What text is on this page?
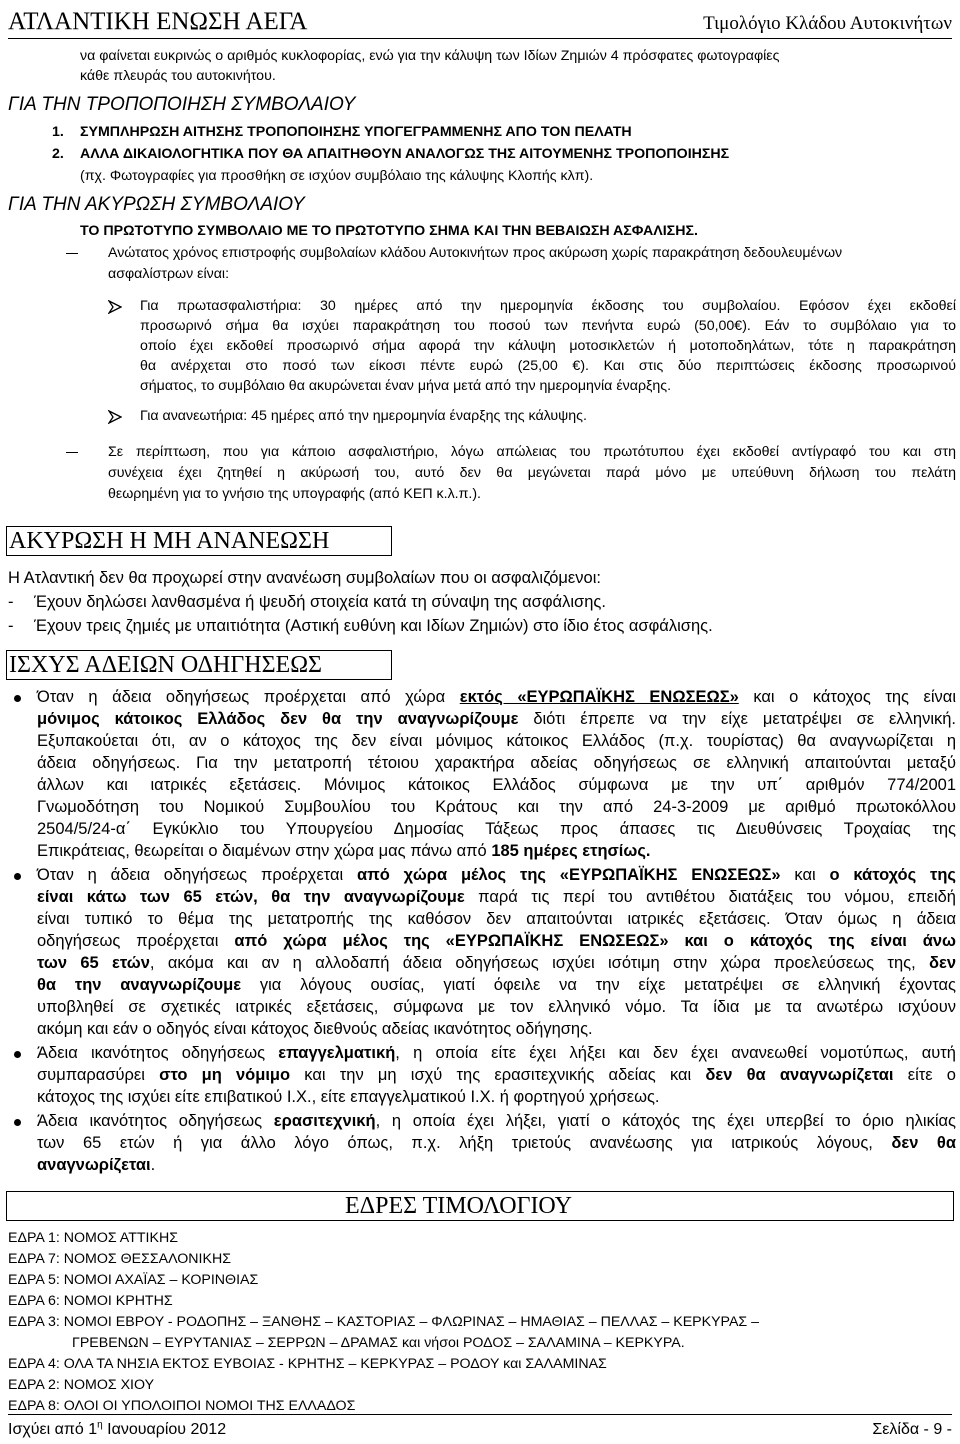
ΑΤΛΑΝΤΙΚΗ ΕΝΩΣΗ ΑΕΓΑ	Τιμολόγιο Κλάδου Αυτοκινήτων
να φαίνεται ευκρινώς ο αριθμός κυκλοφορίας, ενώ για την κάλυψη των Ιδίων Ζημιών 4 πρόσφατες φωτογραφίες
κάθε πλευράς του αυτοκινήτου.
ΓΙΑ ΤΗΝ ΤΡΟΠΟΠΟΙΗΣΗ ΣΥΜΒΟΛΑΙΟΥ
1. ΣΥΜΠΛΗΡΩΣΗ ΑΙΤΗΣΗΣ ΤΡΟΠΟΠΟΙΗΣΗΣ ΥΠΟΓΕΓΡΑΜΜΕΝΗΣ ΑΠΟ ΤΟΝ ΠΕΛΑΤΗ
2. ΑΛΛΑ ΔΙΚΑΙΟΛΟΓΗΤΙΚΑ ΠΟΥ ΘΑ ΑΠΑΙΤΗΘΟΥΝ ΑΝΑΛΟΓΩΣ ΤΗΣ ΑΙΤΟΥΜΕΝΗΣ ΤΡΟΠΟΠΟΙΗΣΗΣ
(πχ. Φωτογραφίες για προσθήκη σε ισχύον συμβόλαιο της κάλυψης Κλοπής κλπ).
ΓΙΑ ΤΗΝ ΑΚΥΡΩΣΗ ΣΥΜΒΟΛΑΙΟΥ
ΤΟ ΠΡΩΤΟΤΥΠΟ ΣΥΜΒΟΛΑΙΟ ΜΕ ΤΟ ΠΡΩΤΟΤΥΠΟ ΣΗΜΑ ΚΑΙ ΤΗΝ ΒΕΒΑΙΩΣΗ ΑΣΦΑΛΙΣΗΣ.
Ανώτατος χρόνος επιστροφής συμβολαίων κλάδου Αυτοκινήτων προς ακύρωση χωρίς παρακράτηση δεδουλευμένων
ασφαλίστρων είναι:
Για πρωτασφαλιστήρια: 30 ημέρες από την ημερομηνία έκδοσης του συμβολαίου. Εφόσον έχει εκδοθεί
προσωρινό σήμα θα ισχύει παρακράτηση του ποσού των πενήντα ευρώ (50,00€). Εάν το συμβόλαιο για το
οποίο έχει εκδοθεί προσωρινό σήμα αφορά την κάλυψη μοτοσικλετών ή μοτοποδηλάτων, τότε η παρακράτηση
θα ανέρχεται στο ποσό των είκοσι πέντε ευρώ (25,00 €). Και στις δύο περιπτώσεις έκδοσης προσωρινού
σήματος, το συμβόλαιο θα ακυρώνεται έναν μήνα μετά από την ημερομηνία έναρξης.
Για ανανεωτήρια: 45 ημέρες από την ημερομηνία έναρξης της κάλυψης.
Σε περίπτωση, που για κάποιο ασφαλιστήριο, λόγω απώλειας του πρωτότυπου έχει εκδοθεί αντίγραφό του και στη
συνέχεια έχει ζητηθεί η ακύρωσή του, αυτό δεν θα μεγώνεται παρά μόνο με υπεύθυνη δήλωση του πελάτη
θεωρημένη για το γνήσιο της υπογραφής (από ΚΕΠ κ.λ.π.).
ΑΚΥΡΩΣΗ Η ΜΗ ΑΝΑΝΕΩΣΗ
Η Ατλαντική δεν θα προχωρεί στην ανανέωση συμβολαίων που οι ασφαλιζόμενοι:
- Έχουν δηλώσει λανθασμένα ή ψευδή στοιχεία κατά τη σύναψη της ασφάλισης.
- Έχουν τρεις ζημιές με υπαιτιότητα (Αστική ευθύνη και Ιδίων Ζημιών) στο ίδιο έτος ασφάλισης.
ΙΣΧΥΣ ΑΔΕΙΩΝ ΟΔΗΓΗΣΕΩΣ
Όταν η άδεια οδηγήσεως προέρχεται από χώρα εκτός «ΕΥΡΩΠΑΪΚΗΣ ΕΝΩΣΕΩΣ» και ο κάτοχος της είναι
μόνιμος κάτοικος Ελλάδος δεν θα την αναγνωρίζουμε διότι έπρεπε να την είχε μετατρέψει σε ελληνική.
Εξυπακούεται ότι, αν ο κάτοχος της δεν είναι μόνιμος κάτοικος Ελλάδος (π.χ. τουρίστας) θα αναγνωρίζεται η
άδεια οδηγήσεως. Για την μετατροπή τέτοιου χαρακτήρα αδείας οδηγήσεως σε ελληνική απαιτούνται μεταξύ
άλλων και ιατρικές εξετάσεις. Μόνιμος κάτοικος Ελλάδος σύμφωνα με την υπ΄ αριθμόν 774/2001
Γνωμοδότηση του Νομικού Συμβουλίου του Κράτους και την από 24-3-2009 με αριθμό πρωτοκόλλου
2504/5/24-α΄ Εγκύκλιο του Υπουργείου Δημοσίας Τάξεως προς άπασες τις Διευθύνσεις Τροχαίας της
Επικράτειας, θεωρείται ο διαμένων στην χώρα μας πάνω από 185 ημέρες ετησίως.
Όταν η άδεια οδηγήσεως προέρχεται από χώρα μέλος της «ΕΥΡΩΠΑΪΚΗΣ ΕΝΩΣΕΩΣ» και ο κάτοχός της
είναι κάτω των 65 ετών, θα την αναγνωρίζουμε παρά τις περί του αντιθέτου διατάξεις του νόμου, επειδή
είναι τυπικό το θέμα της μετατροπής της καθόσον δεν απαιτούνται ιατρικές εξετάσεις. Όταν όμως η άδεια
οδηγήσεως προέρχεται από χώρα μέλος της «ΕΥΡΩΠΑΪΚΗΣ ΕΝΩΣΕΩΣ» και ο κάτοχός της είναι άνω
των 65 ετών, ακόμα και αν η αλλοδαπή άδεια οδηγήσεως ισχύει ισότιμη στην χώρα προελεύσεως της, δεν
θα την αναγνωρίζουμε για λόγους ουσίας, γιατί όφειλε να την είχε μετατρέψει σε ελληνική έχοντας
υποβληθεί σε σχετικές ιατρικές εξετάσεις, σύμφωνα με τον ελληνικό νόμο. Τα ίδια με τα ανωτέρω ισχύουν
ακόμη και εάν ο οδηγός είναι κάτοχος διεθνούς αδείας ικανότητος οδήγησης.
Άδεια ικανότητος οδηγήσεως επαγγελματική, η οποία είτε έχει λήξει και δεν έχει ανανεωθεί νομοτύπως, αυτή
συμπαρασύρει στο μη νόμιμο και την μη ισχύ της ερασιτεχνικής αδείας και δεν θα αναγνωρίζεται είτε ο
κάτοχος της ισχύει είτε επιβατικού Ι.Χ., είτε επαγγελματικού Ι.Χ. ή φορτηγού χρήσεως.
Άδεια ικανότητος οδηγήσεως ερασιτεχνική, η οποία έχει λήξει, γιατί ο κάτοχός της έχει υπερβεί το όριο ηλικίας
των 65 ετών ή για άλλο λόγο όπως, π.χ. λήξη τριετούς ανανέωσης για ιατρικούς λόγους, δεν θα
αναγνωρίζεται.
ΕΔΡΕΣ ΤΙΜΟΛΟΓΙΟΥ
ΕΔΡΑ 1: ΝΟΜΟΣ ΑΤΤΙΚΗΣ
ΕΔΡΑ 7: ΝΟΜΟΣ ΘΕΣΣΑΛΟΝΙΚΗΣ
ΕΔΡΑ 5: ΝΟΜΟΙ ΑΧΑΪΑΣ – ΚΟΡΙΝΘΙΑΣ
ΕΔΡΑ 6: ΝΟΜΟΙ ΚΡΗΤΗΣ
ΕΔΡΑ 3: ΝΟΜΟΙ ΕΒΡΟΥ - ΡΟΔΟΠΗΣ – ΞΑΝΘΗΣ – ΚΑΣΤΟΡΙΑΣ – ΦΛΩΡΙΝΑΣ – ΗΜΑΘΙΑΣ – ΠΕΛΛΑΣ – ΚΕΡΚΥΡΑΣ –
ΓΡΕΒΕΝΩΝ – ΕΥΡΥΤΑΝΙΑΣ – ΣΕΡΡΩΝ – ΔΡΑΜΑΣ και νήσοι ΡΟΔΟΣ – ΣΑΛΑΜΙΝΑ – ΚΕΡΚΥΡΑ.
ΕΔΡΑ 4: ΟΛΑ ΤΑ ΝΗΣΙΑ ΕΚΤΟΣ ΕΥΒΟΙΑΣ - ΚΡΗΤΗΣ – ΚΕΡΚΥΡΑΣ – ΡΟΔΟΥ και ΣΑΛΑΜΙΝΑΣ
ΕΔΡΑ 2: ΝΟΜΟΣ ΧΙΟΥ
ΕΔΡΑ 8: ΟΛΟΙ ΟΙ ΥΠΟΛΟΙΠΟΙ ΝΟΜΟΙ ΤΗΣ ΕΛΛΑΔΟΣ
Ισχύει από $1^\eta$ Ιανουαρίου 2012	Σελίδα - 9 -
